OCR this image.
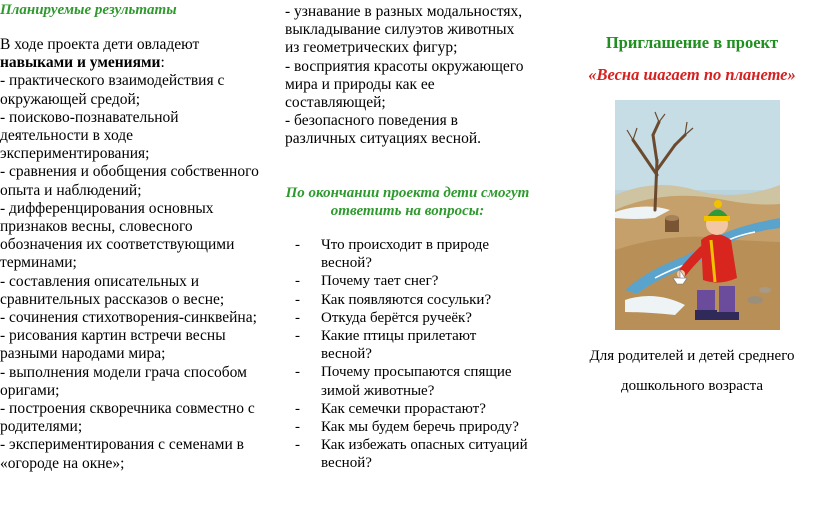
Планируемые результаты

В ходе проекта дети овладеют навыками и умениями:

- практического взаимодействия с окружающей средой;

- поисково-познавательной деятельности в ходе экспериментирования;

- сравнения и обобщения собственного опыта и наблюдений;

- дифференцирования основных признаков весны, словесного обозначения их соответствующими терминами;

- составления описательных и сравнительных рассказов о весне;

- сочинения стихотворения-синквейна;

- рисования картин встречи весны разными народами мира;

- выполнения модели грача способом оригами;

- построения скворечника совместно с родителями;

- экспериментирования с семенами в «огороде на окне»;

- узнавание в разных модальностях, выкладывание силуэтов животных из геометрических фигур;

- восприятия красоты окружающего мира и природы как ее составляющей;

- безопасного поведения в различных ситуациях весной.

По окончании проекта дети смогут ответить на вопросы:
- Что происходит в природе весной?
- Почему тает снег?
- Как появляются сосульки?
- Откуда берётся ручеёк?
- Какие птицы прилетают весной?
- Почему просыпаются спящие зимой животные?
- Как семечки прорастают?
- Как мы будем беречь природу?
- Как избежать опасных ситуаций весной?
Приглашение в проект
«Весна шагает по планете»
Для родителей и детей среднего
дошкольного возраста
